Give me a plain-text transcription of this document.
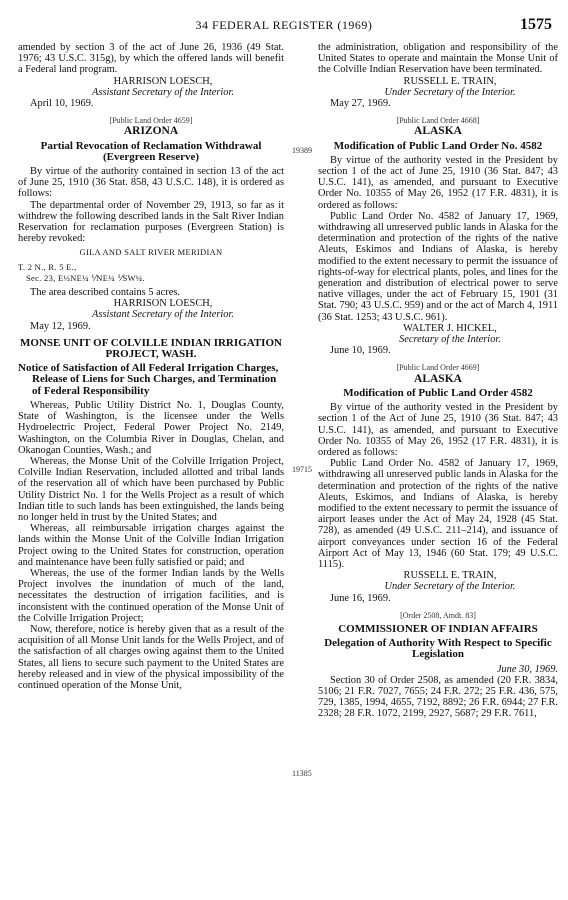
34 FEDERAL REGISTER (1969)	1575
19389
19715
11385

amended by section 3 of the act of June 26, 1936 (49 Stat. 1976; 43 U.S.C. 315g), by which the offered lands will benefit a Federal land program.

HARRISON LOESCH,

Assistant Secretary of the Interior.

April 10, 1969.

[Public Land Order 4659]

ARIZONA

Partial Revocation of Reclamation Withdrawal (Evergreen Reserve)

By virtue of the authority contained in section 13 of the act of June 25, 1910 (36 Stat. 858, 43 U.S.C. 148), it is ordered as follows:

The departmental order of November 29, 1913, so far as it withdrew the following described lands in the Salt River Indian Reservation for reclamation purposes (Evergreen Station) is hereby revoked:

GILA AND SALT RIVER MERIDIAN

T. 2 N., R. 5 E.,

Sec. 23, E½NE¼ ⅟NE¼ ⅟SW¼.

The area described contains 5 acres.

HARRISON LOESCH,

Assistant Secretary of the Interior.

May 12, 1969.

MONSE UNIT OF COLVILLE INDIAN IRRIGATION PROJECT, WASH.

Notice of Satisfaction of All Federal Irrigation Charges, Release of Liens for Such Charges, and Termination of Federal Responsibility

Whereas, Public Utility District No. 1, Douglas County, State of Washington, is the licensee under the Wells Hydroelectric Project, Federal Power Project No. 2149, Washington, on the Columbia River in Douglas, Chelan, and Okanogan Counties, Wash.; and

Whereas, the Monse Unit of the Colville Irrigation Project, Colville Indian Reservation, included allotted and tribal lands of the reservation all of which have been purchased by Public Utility District No. 1 for the Wells Project as a result of which Indian title to such lands has been extinguished, the lands being no longer held in trust by the United States; and

Whereas, all reimbursable irrigation charges against the lands within the Monse Unit of the Colville Indian Irrigation Project owing to the United States for construction, operation and maintenance have been fully satisfied or paid; and

Whereas, the use of the former Indian lands by the Wells Project involves the inundation of much of the land, necessitates the destruction of irrigation facilities, and is inconsistent with the continued operation of the Monse Unit of the Colville Irrigation Project;

Now, therefore, notice is hereby given that as a result of the acquisition of all Monse Unit lands for the Wells Project, and of the satisfaction of all charges owing against them to the United States, all liens to secure such payment to the United States are hereby released and in view of the physical impossibility of the continued operation of the Monse Unit,

the administration, obligation and responsibility of the United States to operate and maintain the Monse Unit of the Colville Indian Reservation have been terminated.

RUSSELL E. TRAIN,

Under Secretary of the Interior.

May 27, 1969.

[Public Land Order 4668]

ALASKA

Modification of Public Land Order No. 4582

By virtue of the authority vested in the President by section 1 of the act of June 25, 1910 (36 Stat. 847; 43 U.S.C. 141), as amended, and pursuant to Executive Order No. 10355 of May 26, 1952 (17 F.R. 4831), it is ordered as follows:

Public Land Order No. 4582 of January 17, 1969, withdrawing all unreserved public lands in Alaska for the determination and protection of the rights of the native Aleuts, Eskimos and Indians of Alaska, is hereby modified to the extent necessary to permit the issuance of rights-of-way for electrical plants, poles, and lines for the generation and distribution of electrical power to serve native villages, under the act of February 15, 1901 (31 Stat. 790; 43 U.S.C. 959) and or the act of March 4, 1911 (36 Stat. 1253; 43 U.S.C. 961).

WALTER J. HICKEL,

Secretary of the Interior.

June 10, 1969.

[Public Land Order 4669]

ALASKA

Modification of Public Land Order 4582

By virtue of the authority vested in the President by section 1 of the Act of June 25, 1910 (36 Stat. 847; 43 U.S.C. 141), as amended, and pursuant to Executive Order No. 10355 of May 26, 1952 (17 F.R. 4831), it is ordered as follows:

Public Land Order No. 4582 of January 17, 1969, withdrawing all unreserved public lands in Alaska for the determination and protection of the rights of the native Aleuts, Eskimos, and Indians of Alaska, is hereby modified to the extent necessary to permit the issuance of airport leases under the Act of May 24, 1928 (45 Stat. 728), as amended (49 U.S.C. 211–214), and issuance of airport conveyances under section 16 of the Federal Airport Act of May 13, 1946 (60 Stat. 179; 49 U.S.C. 1115).

RUSSELL E. TRAIN,

Under Secretary of the Interior.

June 16, 1969.

[Order 2508, Amdt. 83]

COMMISSIONER OF INDIAN AFFAIRS

Delegation of Authority With Respect to Specific Legislation

June 30, 1969.

Section 30 of Order 2508, as amended (20 F.R. 3834, 5106; 21 F.R. 7027, 7655; 24 F.R. 272; 25 F.R. 436, 575, 729, 1385, 1994, 4655, 7192, 8892; 26 F.R. 6944; 27 F.R. 2328; 28 F.R. 1072, 2199, 2927, 5687; 29 F.R. 7611,
